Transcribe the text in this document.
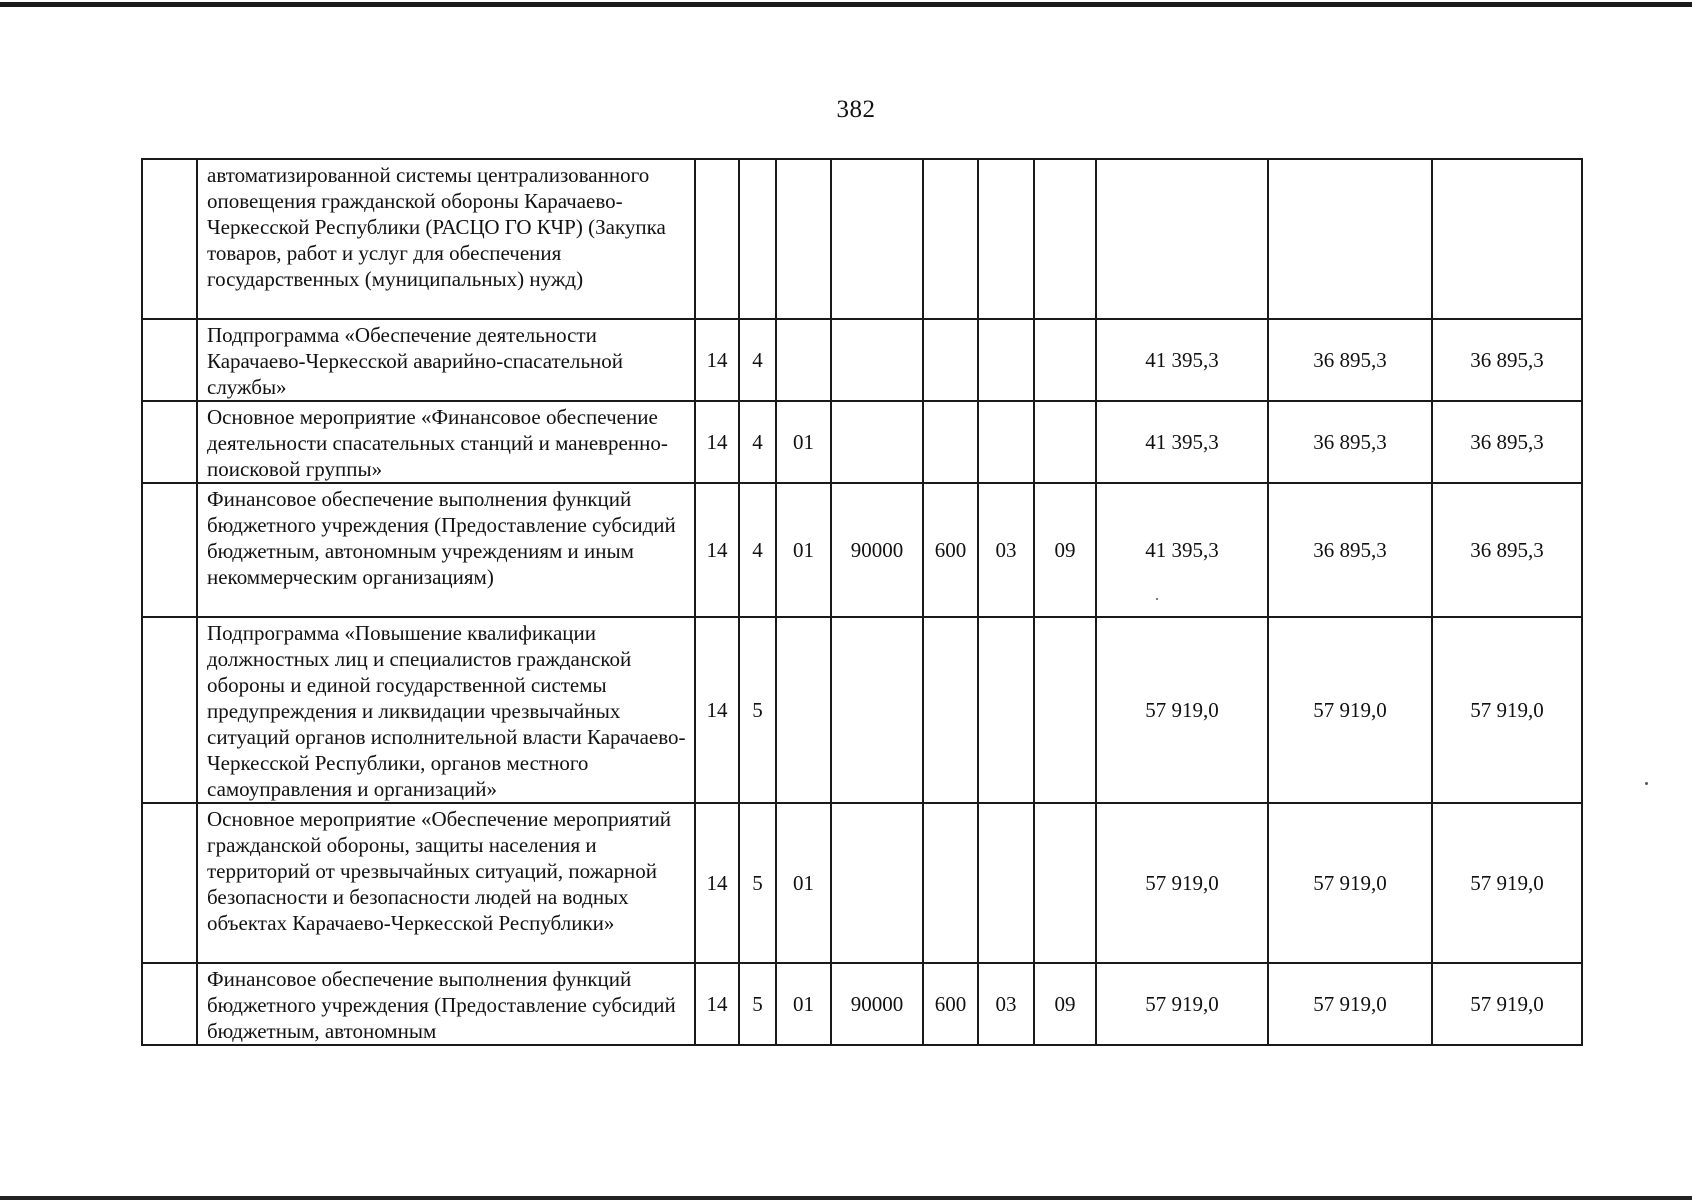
382
	автоматизированной системы централизованного оповещения гражданской обороны Карачаево-Черкесской Республики (РАСЦО ГО КЧР) (Закупка товаров, работ и услуг для обеспечения государственных (муниципальных) нужд)										
	Подпрограмма «Обеспечение деятельности Карачаево-Черкесской аварийно-спасательной службы»	14	4						41 395,3	36 895,3	36 895,3
	Основное мероприятие «Финансовое обеспечение деятельности спасательных станций и маневренно-поисковой группы»	14	4	01					41 395,3	36 895,3	36 895,3
	Финансовое обеспечение выполнения функций бюджетного учреждения (Предоставление субсидий бюджетным, автономным учреждениям и иным некоммерческим организациям)	14	4	01	90000	600	03	09	41 395,3	36 895,3	36 895,3
	Подпрограмма «Повышение квалификации должностных лиц и специалистов гражданской обороны и единой государственной системы предупреждения и ликвидации чрезвычайных ситуаций органов исполнительной власти Карачаево-Черкесской Республики, органов местного самоуправления и организаций»	14	5						57 919,0	57 919,0	57 919,0
	Основное мероприятие «Обеспечение мероприятий гражданской обороны, защиты населения и территорий от чрезвычайных ситуаций, пожарной безопасности и безопасности людей на водных объектах Карачаево-Черкесской Республики»	14	5	01					57 919,0	57 919,0	57 919,0
	Финансовое обеспечение выполнения функций бюджетного учреждения (Предоставление субсидий бюджетным, автономным	14	5	01	90000	600	03	09	57 919,0	57 919,0	57 919,0
